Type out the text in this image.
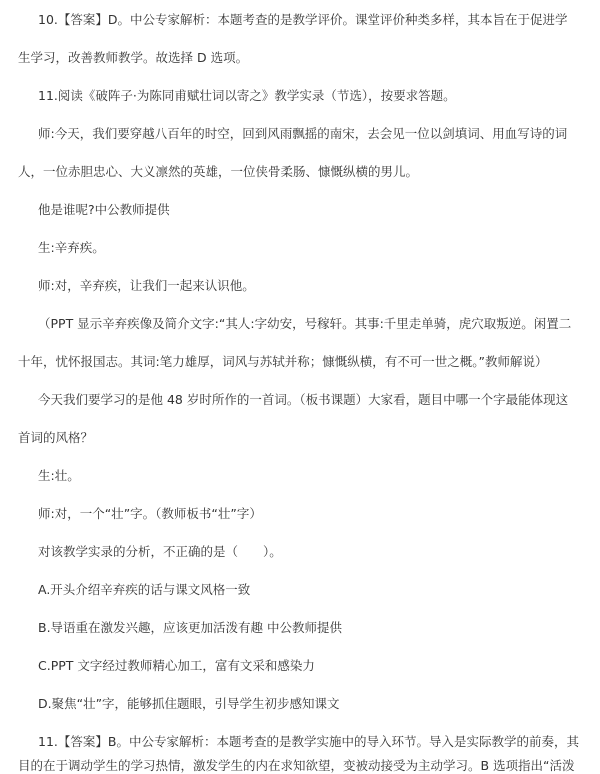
10.【答案】D。中公专家解析：本题考查的是教学评价。课堂评价种类多样，其本旨在于促进学
生学习，改善教师教学。故选择 D 选项。
11.阅读《破阵子·为陈同甫赋壮词以寄之》教学实录（节选），按要求答题。
师:今天，我们要穿越八百年的时空，回到风雨飘摇的南宋，去会见一位以剑填词、用血写诗的词
人，一位赤胆忠心、大义凛然的英雄，一位侠骨柔肠、慷慨纵横的男儿。
他是谁呢?中公教师提供
生:辛弃疾。
师:对，辛弃疾，让我们一起来认识他。
（PPT 显示辛弃疾像及简介文字:“其人:字幼安，号稼轩。其事:千里走单骑，虎穴取叛逆。闲置二
十年，忧怀报国志。其词:笔力雄厚，词风与苏轼并称；慷慨纵横，有不可一世之概。”教师解说）
今天我们要学习的是他 48 岁时所作的一首词。（板书课题）大家看，题目中哪一个字最能体现这
首词的风格？
生:壮。
师:对，一个“壮”字。（教师板书“壮”字）
对该教学实录的分析，不正确的是（　　）。
A.开头介绍辛弃疾的话与课文风格一致
B.导语重在激发兴趣，应该更加活泼有趣 中公教师提供
C.PPT 文字经过教师精心加工，富有文采和感染力
D.聚焦“壮”字，能够抓住题眼，引导学生初步感知课文
11.【答案】B。中公专家解析：本题考查的是教学实施中的导入环节。导入是实际教学的前奏，其
目的在于调动学生的学习热情，激发学生的内在求知欲望，变被动接受为主动学习。B 选项指出“活泼
